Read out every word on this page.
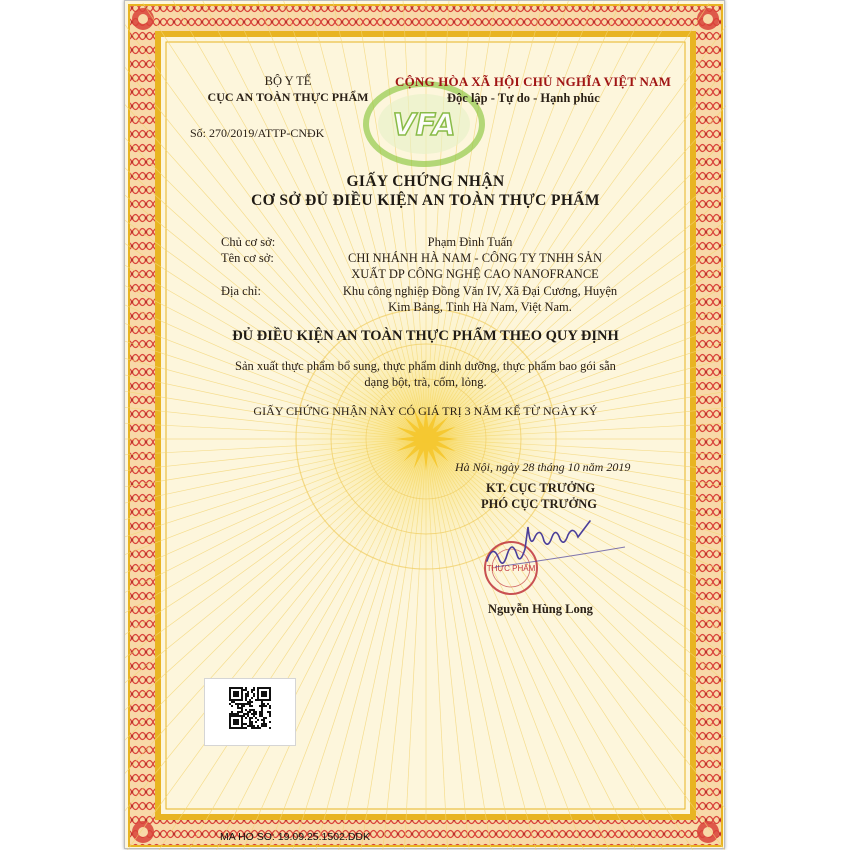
VFA
THỰC PHẨM
BỘ Y TẾ
CỤC AN TOÀN THỰC PHẨM
Số: 270/2019/ATTP-CNĐK
CỘNG HÒA XÃ HỘI CHỦ NGHĨA VIỆT NAM
Độc lập - Tự do - Hạnh phúc
GIẤY CHỨNG NHẬN
CƠ SỞ ĐỦ ĐIỀU KIỆN AN TOÀN THỰC PHẨM
Chủ cơ sở:	Phạm Đình Tuấn
Tên cơ sở:	CHI NHÁNH HÀ NAM - CÔNG TY TNHH SẢN
XUẤT DP CÔNG NGHỆ CAO NANOFRANCE
Địa chỉ:	Khu công nghiệp Đồng Văn IV, Xã Đại Cương, Huyện
Kim Bảng, Tỉnh Hà Nam, Việt Nam.
ĐỦ ĐIỀU KIỆN AN TOÀN THỰC PHẨM THEO QUY ĐỊNH
Sản xuất thực phẩm bổ sung, thực phẩm dinh dưỡng, thực phẩm bao gói sẵn
dạng bột, trà, cốm, lỏng.
GIẤY CHỨNG NHẬN NÀY CÓ GIÁ TRỊ 3 NĂM KỂ TỪ NGÀY KÝ
Hà Nội, ngày 28 tháng 10 năm 2019
KT. CỤC TRƯỞNG
PHÓ CỤC TRƯỞNG
Nguyễn Hùng Long
MA HO SO: 19.09.25.1502.DDK
